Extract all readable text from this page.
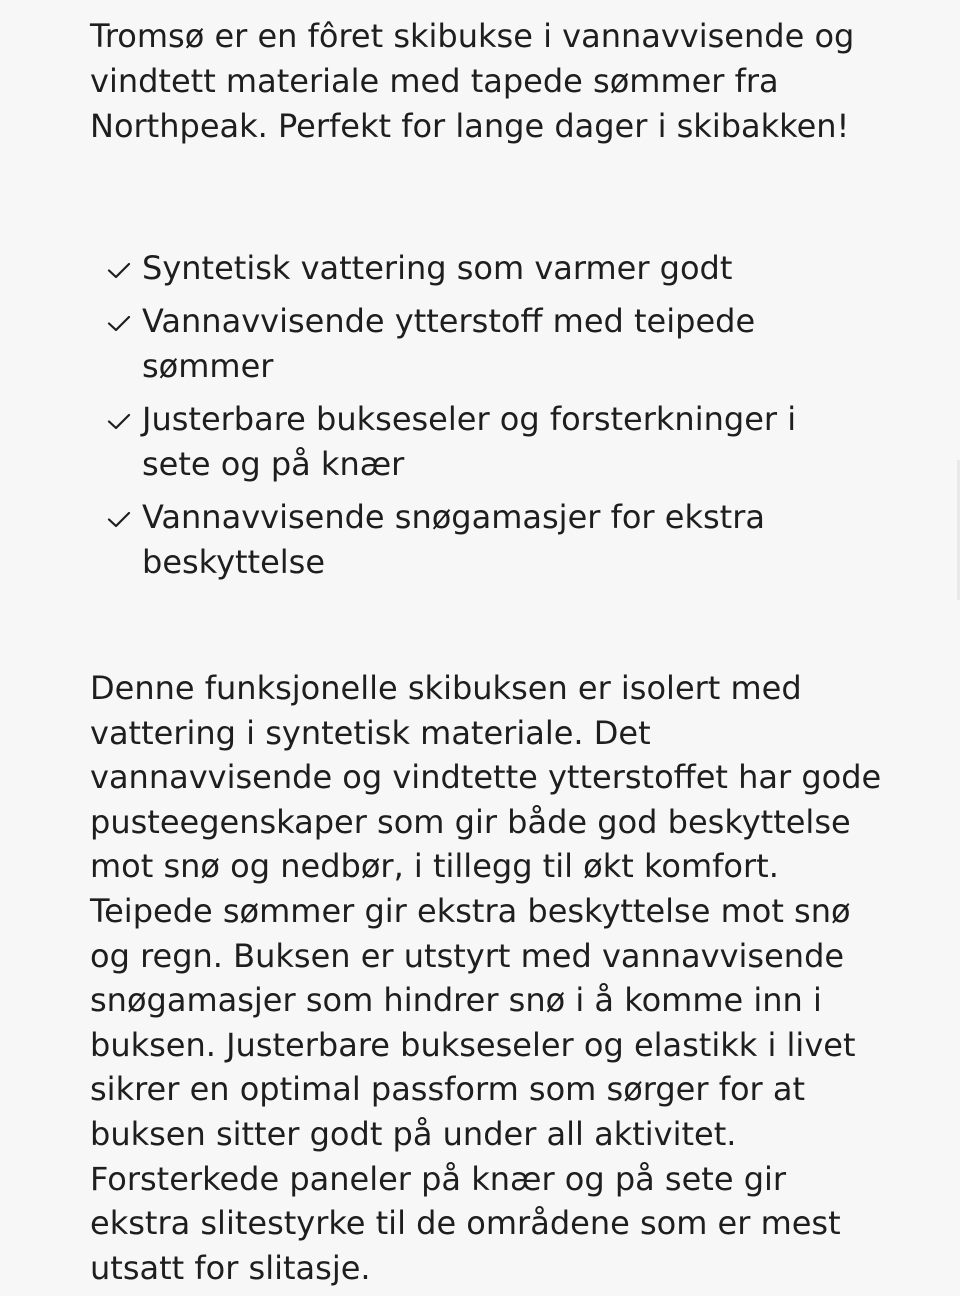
Tromsø er en fôret skibukse i vannavvisende og vindtett materiale med tapede sømmer fra Northpeak. Perfekt for lange dager i skibakken!

Syntetisk vattering som varmer godt
Vannavvisende ytterstoff med teipede sømmer
Justerbare bukseseler og forsterkninger i sete og på knær
Vannavvisende snøgamasjer for ekstra beskyttelse

Denne funksjonelle skibuksen er isolert med vattering i syntetisk materiale. Det vannavvisende og vindtette ytterstoffet har gode pusteegenskaper som gir både god beskyttelse mot snø og nedbør, i tillegg til økt komfort. Teipede sømmer gir ekstra beskyttelse mot snø og regn. Buksen er utstyrt med vannavvisende snøgamasjer som hindrer snø i å komme inn i buksen. Justerbare bukseseler og elastikk i livet sikrer en optimal passform som sørger for at buksen sitter godt på under all aktivitet. Forsterkede paneler på knær og på sete gir ekstra slitestyrke til de områdene som er mest utsatt for slitasje.
